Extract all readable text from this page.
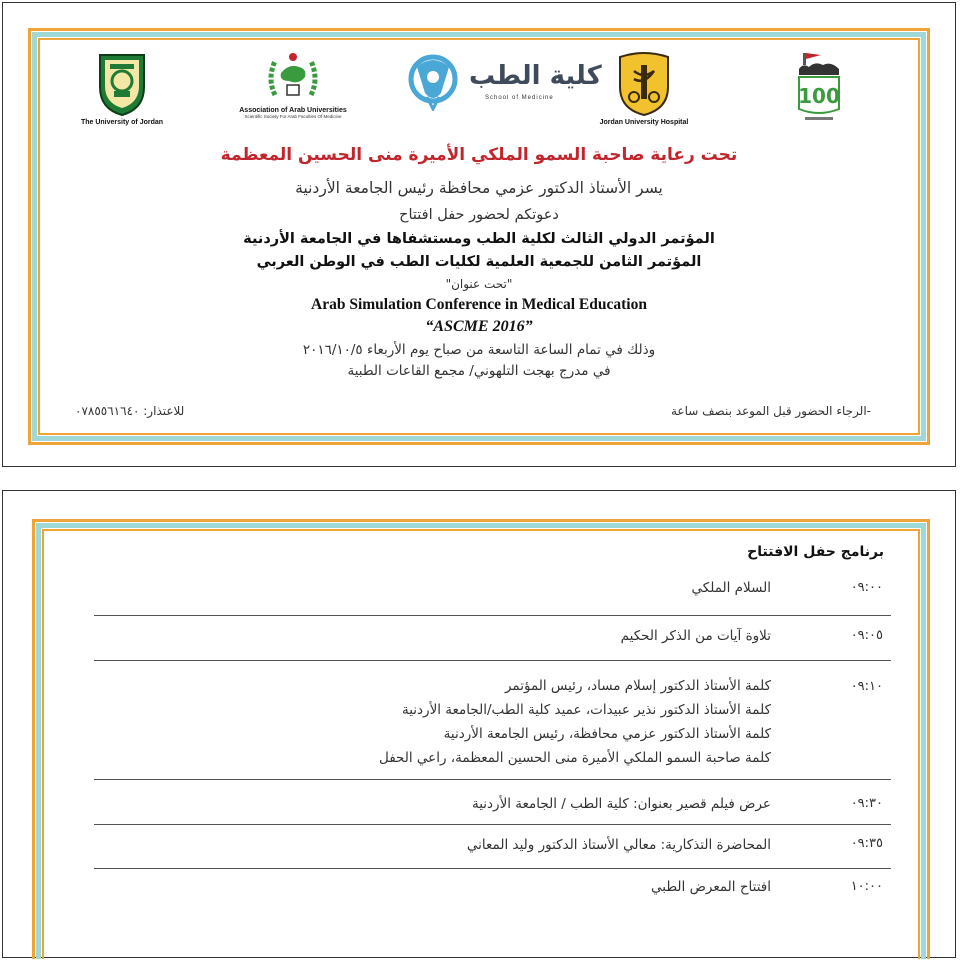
The University of Jordan
Association of Arab Universities
Scientific Society For Arab Faculties Of Medicine
كلية الطب
School of Medicine
Jordan University Hospital
100
تحت رعاية صاحبة السمو الملكي الأميرة منى الحسين المعظمة
يسر الأستاذ الدكتور عزمي محافظة رئيس الجامعة الأردنية
دعوتكم لحضور حفل افتتاح
المؤتمر الدولي الثالث لكلية الطب ومستشفاها في الجامعة الأردنية
المؤتمر الثامن للجمعية العلمية لكليات الطب في الوطن العربي
"تحت عنوان"
Arab Simulation Conference in Medical Education
“ASCME 2016”
وذلك في تمام الساعة التاسعة من صباح يوم الأربعاء ٢٠١٦/١٠/٥
في مدرج بهجت التلهوني/ مجمع القاعات الطبية
للاعتذار: ٠٧٨٥٥٦١٦٤٠	-الرجاء الحضور قبل الموعد بنصف ساعة
برنامج حفل الافتتاح
٠٩:٠٠
السلام الملكي
٠٩:٠٥
تلاوة آيات من الذكر الحكيم
٠٩:١٠
كلمة الأستاذ الدكتور إسلام مساد، رئيس المؤتمر
كلمة الأستاذ الدكتور نذير عبيدات، عميد كلية الطب/الجامعة الأردنية
كلمة الأستاذ الدكتور عزمي محافظة، رئيس الجامعة الأردنية
كلمة صاحبة السمو الملكي الأميرة منى الحسين المعظمة، راعي الحفل
٠٩:٣٠
عرض فيلم قصير بعنوان: كلية الطب / الجامعة الأردنية
٠٩:٣٥
المحاضرة التذكارية: معالي الأستاذ الدكتور وليد المعاني
١٠:٠٠
افتتاح المعرض الطبي
